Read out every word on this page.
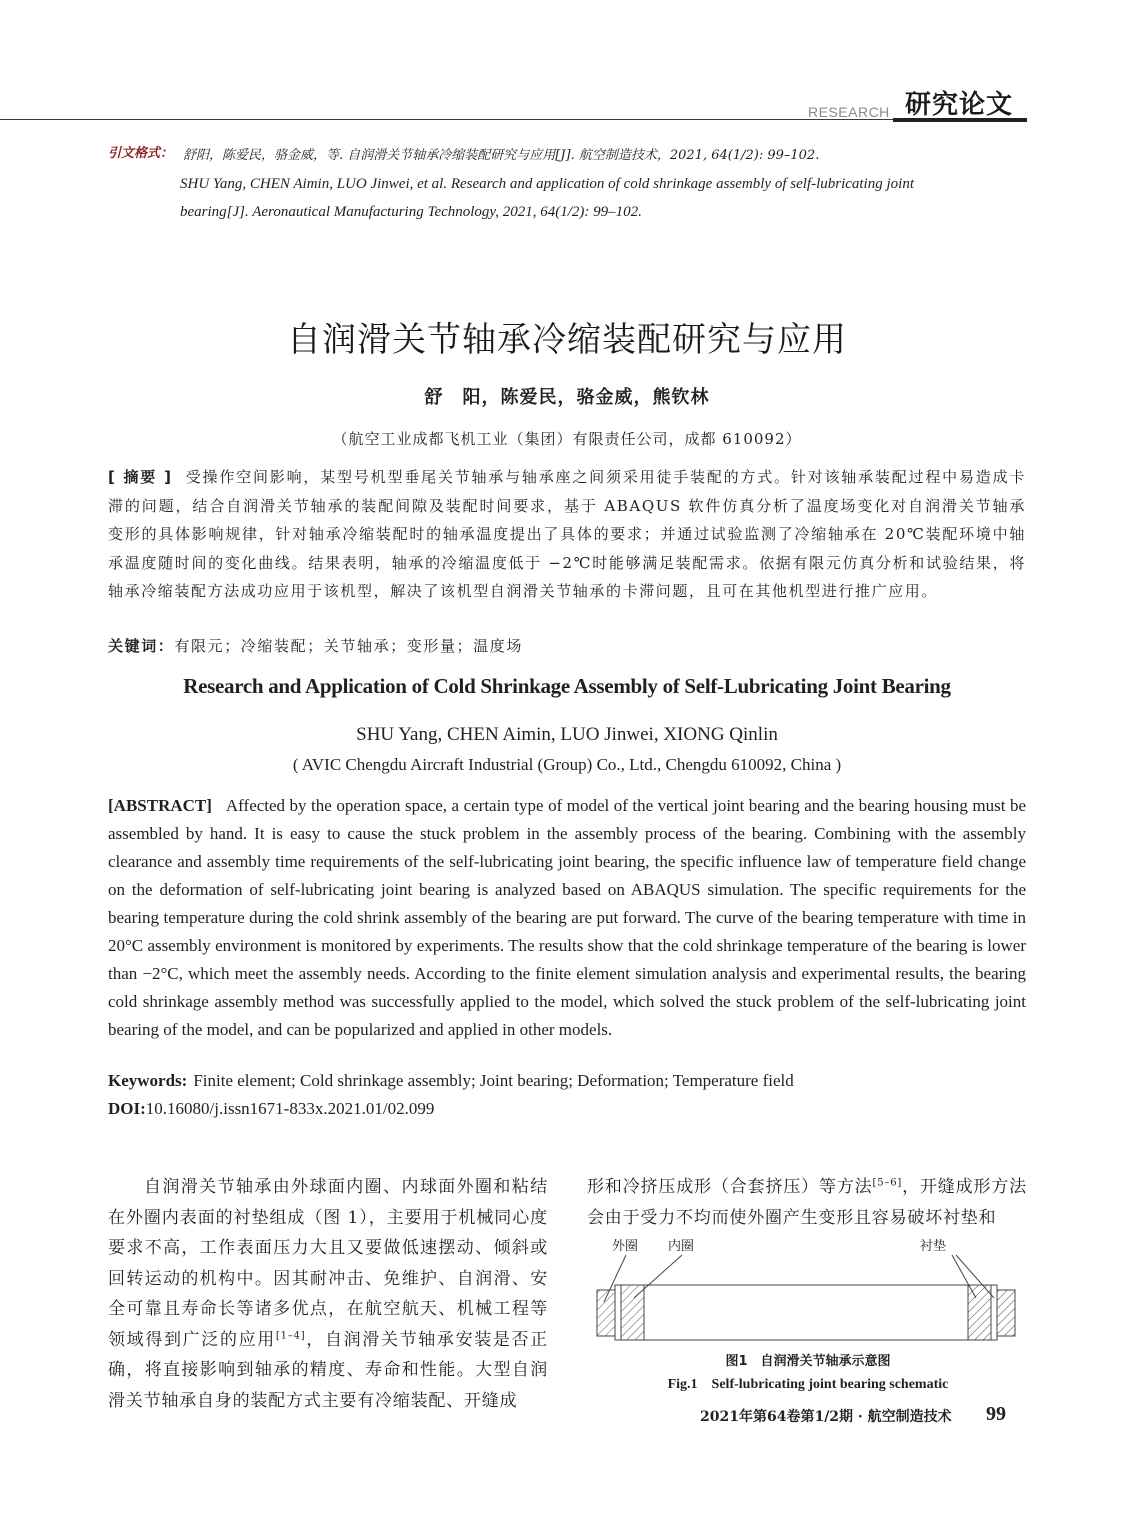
RESEARCH 研究论文
引文格式： 舒阳，陈爱民，骆金威，等. 自润滑关节轴承冷缩装配研究与应用[J]. 航空制造技术，2021, 64(1/2): 99–102.
SHU Yang, CHEN Aimin, LUO Jinwei, et al. Research and application of cold shrinkage assembly of self-lubricating joint
bearing[J]. Aeronautical Manufacturing Technology, 2021, 64(1/2): 99–102.
自润滑关节轴承冷缩装配研究与应用
舒　阳，陈爱民，骆金威，熊钦林
（航空工业成都飞机工业（集团）有限责任公司，成都 610092）
[ 摘要 ] 受操作空间影响，某型号机型垂尾关节轴承与轴承座之间须采用徒手装配的方式。针对该轴承装配过程中易造成卡滞的问题，结合自润滑关节轴承的装配间隙及装配时间要求，基于 ABAQUS 软件仿真分析了温度场变化对自润滑关节轴承变形的具体影响规律，针对轴承冷缩装配时的轴承温度提出了具体的要求；并通过试验监测了冷缩轴承在 20℃装配环境中轴承温度随时间的变化曲线。结果表明，轴承的冷缩温度低于 −2℃时能够满足装配需求。依据有限元仿真分析和试验结果，将轴承冷缩装配方法成功应用于该机型，解决了该机型自润滑关节轴承的卡滞问题，且可在其他机型进行推广应用。
关键词：有限元；冷缩装配；关节轴承；变形量；温度场
Research and Application of Cold Shrinkage Assembly of Self-Lubricating Joint Bearing
SHU Yang, CHEN Aimin, LUO Jinwei, XIONG Qinlin
( AVIC Chengdu Aircraft Industrial (Group) Co., Ltd., Chengdu 610092, China )
[ABSTRACT] Affected by the operation space, a certain type of model of the vertical joint bearing and the bearing housing must be assembled by hand. It is easy to cause the stuck problem in the assembly process of the bearing. Combining with the assembly clearance and assembly time requirements of the self-lubricating joint bearing, the specific influence law of temperature field change on the deformation of self-lubricating joint bearing is analyzed based on ABAQUS simulation. The specific requirements for the bearing temperature during the cold shrink assembly of the bearing are put forward. The curve of the bearing temperature with time in 20°C assembly environment is monitored by experiments. The results show that the cold shrinkage temperature of the bearing is lower than −2°C, which meet the assembly needs. According to the finite element simulation analysis and experimental results, the bearing cold shrinkage assembly method was successfully applied to the model, which solved the stuck problem of the self-lubricating joint bearing of the model, and can be popularized and applied in other models.
Keywords: Finite element; Cold shrinkage assembly; Joint bearing; Deformation; Temperature field
DOI:10.16080/j.issn1671-833x.2021.01/02.099
自润滑关节轴承由外球面内圈、内球面外圈和粘结在外圈内表面的衬垫组成（图 1），主要用于机械同心度要求不高，工作表面压力大且又要做低速摆动、倾斜或回转运动的机构中。因其耐冲击、免维护、自润滑、安全可靠且寿命长等诸多优点，在航空航天、机械工程等领域得到广泛的应用[1–4]，自润滑关节轴承安装是否正确，将直接影响到轴承的精度、寿命和性能。大型自润滑关节轴承自身的装配方式主要有冷缩装配、开缝成
形和冷挤压成形（合套挤压）等方法[5–6]，开缝成形方法会由于受力不均而使外圈产生变形且容易破坏衬垫和
外圈 内圈	衬垫
图1　自润滑关节轴承示意图
Fig.1　Self-lubricating joint bearing schematic
2021年第64卷第1/2期 · 航空制造技术 99
